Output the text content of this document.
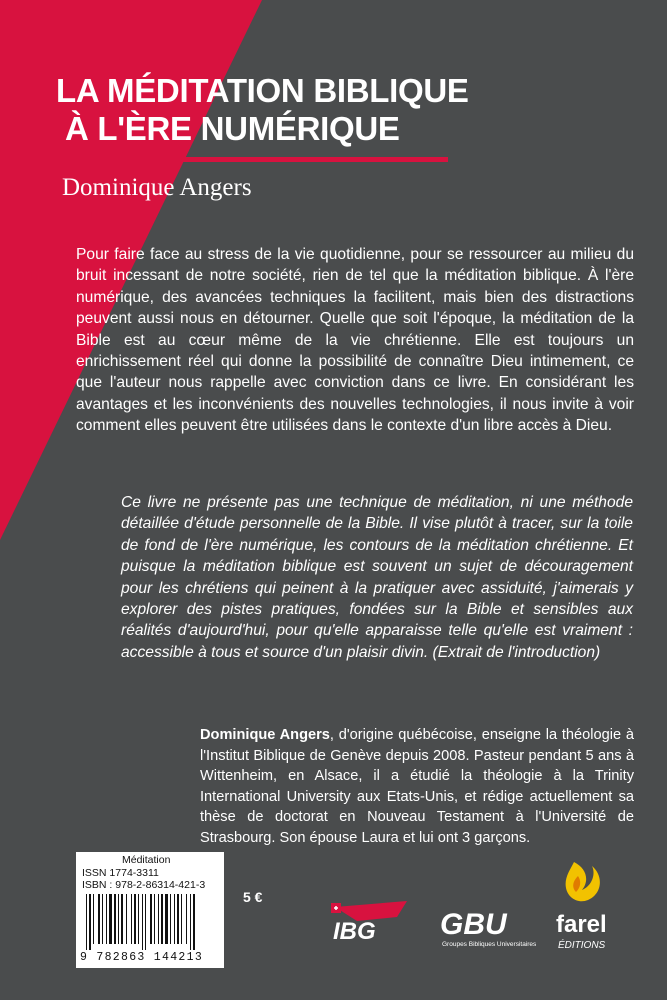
LA MÉDITATION BIBLIQUE
À L'ÈRE NUMÉRIQUE
Dominique Angers

Pour faire face au stress de la vie quotidienne, pour se ressourcer au milieu du bruit incessant de notre société, rien de tel que la méditation biblique. À l'ère numérique, des avancées techniques la facilitent, mais bien des distractions peuvent aussi nous en détourner. Quelle que soit l'époque, la méditation de la Bible est au cœur même de la vie chrétienne. Elle est toujours un enrichissement réel qui donne la possibilité de connaître Dieu intimement, ce que l'auteur nous rappelle avec conviction dans ce livre. En considérant les avantages et les inconvénients des nouvelles technologies, il nous invite à voir comment elles peuvent être utilisées dans le contexte d'un libre accès à Dieu.

Ce livre ne présente pas une technique de méditation, ni une méthode détaillée d'étude personnelle de la Bible. Il vise plutôt à tracer, sur la toile de fond de l'ère numérique, les contours de la méditation chrétienne. Et puisque la méditation biblique est souvent un sujet de découragement pour les chrétiens qui peinent à la pratiquer avec assiduité, j'aimerais y explorer des pistes pratiques, fondées sur la Bible et sensibles aux réalités d'aujourd'hui, pour qu'elle apparaisse telle qu'elle est vraiment : accessible à tous et source d'un plaisir divin. (Extrait de l'introduction)

Dominique Angers, d'origine québécoise, enseigne la théologie à l'Institut Biblique de Genève depuis 2008. Pasteur pendant 5 ans à Wittenheim, en Alsace, il a étudié la théologie à la Trinity International University aux Etats-Unis, et rédige actuellement sa thèse de doctorat en Nouveau Testament à l'Université de Strasbourg. Son épouse Laura et lui ont 3 garçons.

Méditation
ISSN 1774-3311
ISBN : 978-2-86314-421-3
9 782863 144213
5 €
IBG GBU
Groupes Bibliques Universitaires
farel
ÉDITIONS
